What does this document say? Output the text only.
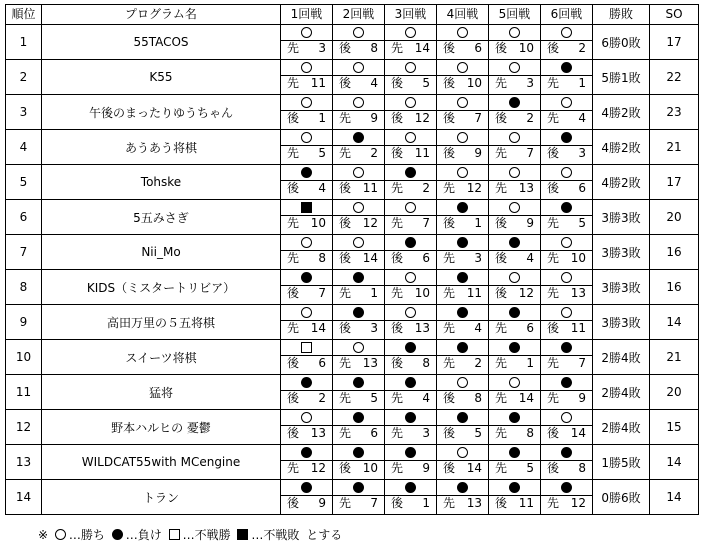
順位	プログラム名	1回戦	2回戦	3回戦	4回戦	5回戦	6回戦	勝敗	SO
1	55TACOS	先 3	後 8	先 14	後 6	後 10	後 2	6勝0敗	17
2	K55	先 11	後 4	後 5	後 10	先 3	先 1	5勝1敗	22
3	午後のまったりゆうちゃん	後 1	先 9	後 12	後 7	後 2	先 4	4勝2敗	23
4	あうあう将棋	先 5	先 2	後 11	後 9	先 7	後 3	4勝2敗	21
5	Tohske	後 4	後 11	先 2	先 12	先 13	後 6	4勝2敗	17
6	5五みさぎ	先 10	後 12	先 7	後 1	後 9	先 5	3勝3敗	20
7	Nii_Mo	先 8	後 14	後 6	先 3	後 4	先 10	3勝3敗	16
8	KIDS（ミスタートリビア）	後 7	先 1	先 10	先 11	後 12	先 13	3勝3敗	16
9	高田万里の５五将棋	先 14	後 3	後 13	先 4	先 6	後 11	3勝3敗	14
10	スイーツ将棋	後 6	先 13	後 8	先 2	先 1	先 7	2勝4敗	21
11	猛将	後 2	先 5	先 4	後 8	先 14	先 9	2勝4敗	20
12	野本ハルヒの 憂鬱	後 13	先 6	先 3	後 5	先 8	後 14	2勝4敗	15
13	WILDCAT55with MCengine	先 12	後 10	先 9	後 14	先 5	後 8	1勝5敗	14
14	トラン	後 9	先 7	後 1	先 13	後 11	先 12	0勝6敗	14
※ …勝ち …負け …不戦勝 …不戦敗 とする
